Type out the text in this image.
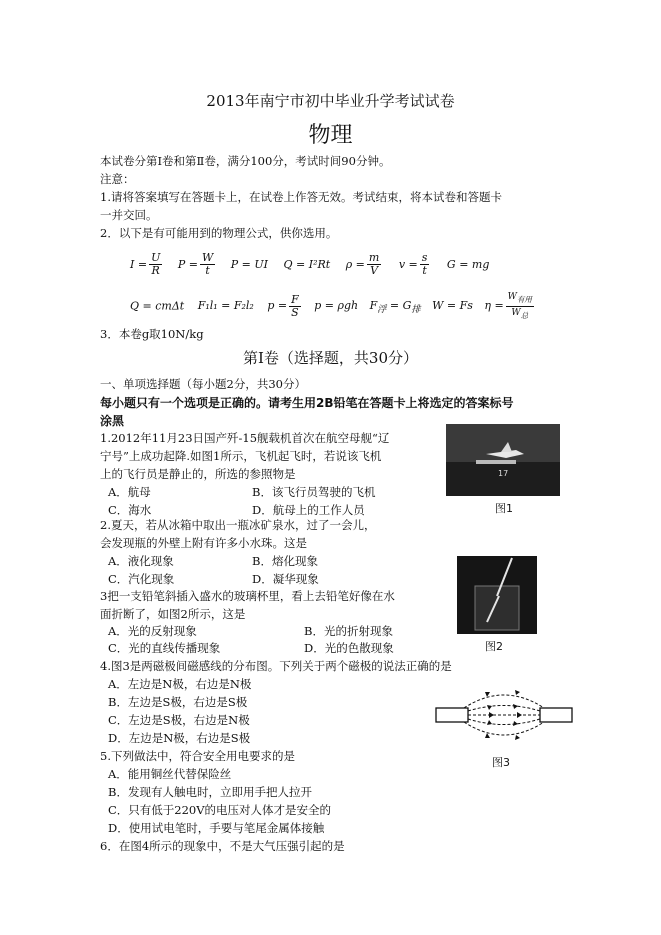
2013年南宁市初中毕业升学考试试卷
物理
本试卷分第Ⅰ卷和第Ⅱ卷，满分100分，考试时间90分钟。
注意：
1.请将答案填写在答题卡上，在试卷上作答无效。考试结束，将本试卷和答题卡
一并交回。
2．以下是有可能用到的物理公式，供你选用。
$I = \frac{U}{R}$ $P = \frac{W}{t}$ P = UI Q = I²Rt $\rho = \frac{m}{V}$ $v = \frac{s}{t}$ G = mg
Q = cmΔt F₁l₁ = F₂l₂ $p = \frac{F}{S}$ p = ρgh $F_浮 = G_排$ W = Fs $\eta = \frac{W_{有用}}{W_总}$
3．本卷g取10N/kg
第Ⅰ卷（选择题，共30分）
一、单项选择题（每小题2分，共30分）
每小题只有一个选项是正确的。请考生用2B铅笔在答题卡上将选定的答案标号
涂黑
1.2012年11月23日国产歼-15舰载机首次在航空母舰“辽
宁号”上成功起降.如图1所示，飞机起飞时，若说该飞机
上的飞行员是静止的，所选的参照物是
A．航母	B．该飞行员驾驶的飞机
C．海水	D．航母上的工作人员
17
图1
2.夏天，若从冰箱中取出一瓶冰矿泉水，过了一会儿，
会发现瓶的外壁上附有许多小水珠。这是
A．液化现象	B．熔化现象
C．汽化现象	D．凝华现象
图2
3把一支铅笔斜插入盛水的玻璃杯里，看上去铅笔好像在水
面折断了，如图2所示，这是
A．光的反射现象	B．光的折射现象
C．光的直线传播现象	D．光的色散现象
4.图3是两磁极间磁感线的分布图。下列关于两个磁极的说法正确的是
A．左边是N极，右边是N极
B．左边是S极，右边是S极
C．左边是S极，右边是N极
D．左边是N极，右边是S极
图3
5.下列做法中，符合安全用电要求的是
A．能用铜丝代替保险丝
B．发现有人触电时，立即用手把人拉开
C．只有低于220V的电压对人体才是安全的
D．使用试电笔时，手要与笔尾金属体接触
6．在图4所示的现象中，不是大气压强引起的是
